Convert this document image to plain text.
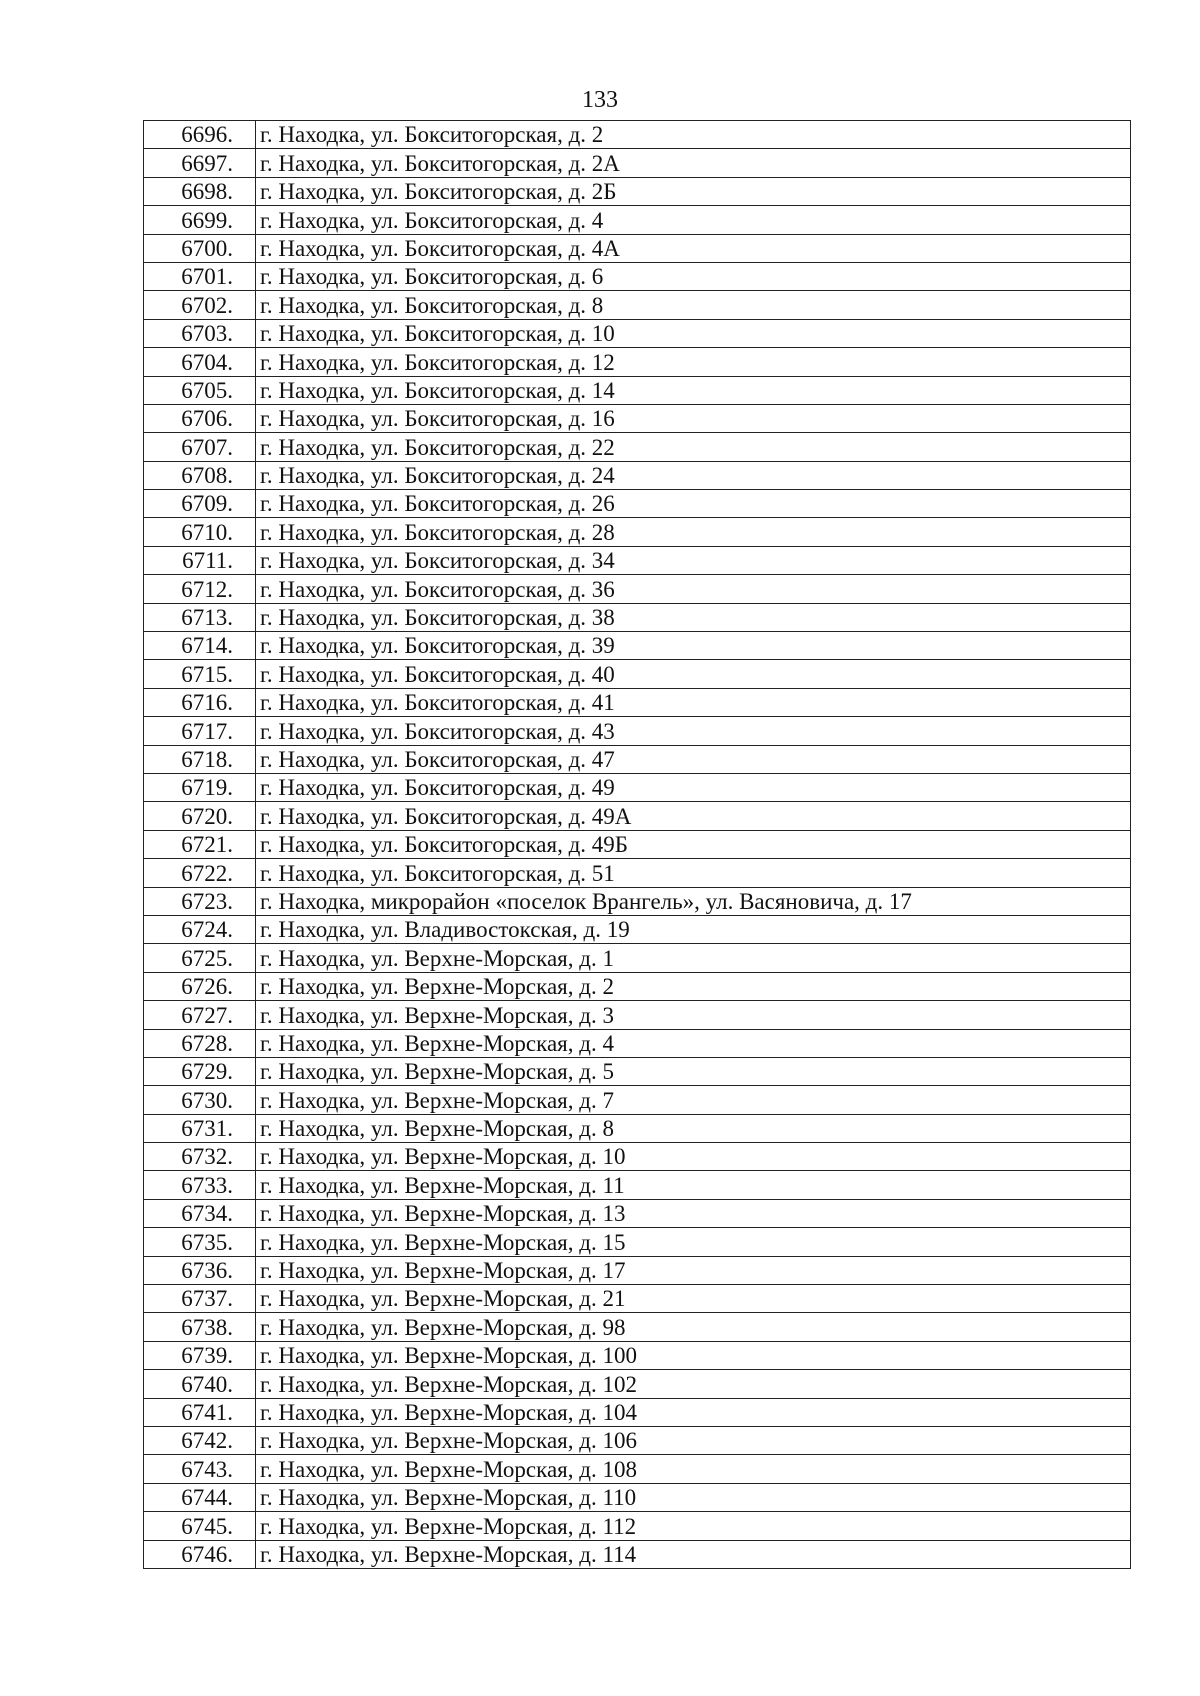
133
6696.	г. Находка, ул. Бокситогорская, д. 2
6697.	г. Находка, ул. Бокситогорская, д. 2А
6698.	г. Находка, ул. Бокситогорская, д. 2Б
6699.	г. Находка, ул. Бокситогорская, д. 4
6700.	г. Находка, ул. Бокситогорская, д. 4А
6701.	г. Находка, ул. Бокситогорская, д. 6
6702.	г. Находка, ул. Бокситогорская, д. 8
6703.	г. Находка, ул. Бокситогорская, д. 10
6704.	г. Находка, ул. Бокситогорская, д. 12
6705.	г. Находка, ул. Бокситогорская, д. 14
6706.	г. Находка, ул. Бокситогорская, д. 16
6707.	г. Находка, ул. Бокситогорская, д. 22
6708.	г. Находка, ул. Бокситогорская, д. 24
6709.	г. Находка, ул. Бокситогорская, д. 26
6710.	г. Находка, ул. Бокситогорская, д. 28
6711.	г. Находка, ул. Бокситогорская, д. 34
6712.	г. Находка, ул. Бокситогорская, д. 36
6713.	г. Находка, ул. Бокситогорская, д. 38
6714.	г. Находка, ул. Бокситогорская, д. 39
6715.	г. Находка, ул. Бокситогорская, д. 40
6716.	г. Находка, ул. Бокситогорская, д. 41
6717.	г. Находка, ул. Бокситогорская, д. 43
6718.	г. Находка, ул. Бокситогорская, д. 47
6719.	г. Находка, ул. Бокситогорская, д. 49
6720.	г. Находка, ул. Бокситогорская, д. 49А
6721.	г. Находка, ул. Бокситогорская, д. 49Б
6722.	г. Находка, ул. Бокситогорская, д. 51
6723.	г. Находка, микрорайон «поселок Врангель», ул. Васяновича, д. 17
6724.	г. Находка, ул. Владивостокская, д. 19
6725.	г. Находка, ул. Верхне-Морская, д. 1
6726.	г. Находка, ул. Верхне-Морская, д. 2
6727.	г. Находка, ул. Верхне-Морская, д. 3
6728.	г. Находка, ул. Верхне-Морская, д. 4
6729.	г. Находка, ул. Верхне-Морская, д. 5
6730.	г. Находка, ул. Верхне-Морская, д. 7
6731.	г. Находка, ул. Верхне-Морская, д. 8
6732.	г. Находка, ул. Верхне-Морская, д. 10
6733.	г. Находка, ул. Верхне-Морская, д. 11
6734.	г. Находка, ул. Верхне-Морская, д. 13
6735.	г. Находка, ул. Верхне-Морская, д. 15
6736.	г. Находка, ул. Верхне-Морская, д. 17
6737.	г. Находка, ул. Верхне-Морская, д. 21
6738.	г. Находка, ул. Верхне-Морская, д. 98
6739.	г. Находка, ул. Верхне-Морская, д. 100
6740.	г. Находка, ул. Верхне-Морская, д. 102
6741.	г. Находка, ул. Верхне-Морская, д. 104
6742.	г. Находка, ул. Верхне-Морская, д. 106
6743.	г. Находка, ул. Верхне-Морская, д. 108
6744.	г. Находка, ул. Верхне-Морская, д. 110
6745.	г. Находка, ул. Верхне-Морская, д. 112
6746.	г. Находка, ул. Верхне-Морская, д. 114
